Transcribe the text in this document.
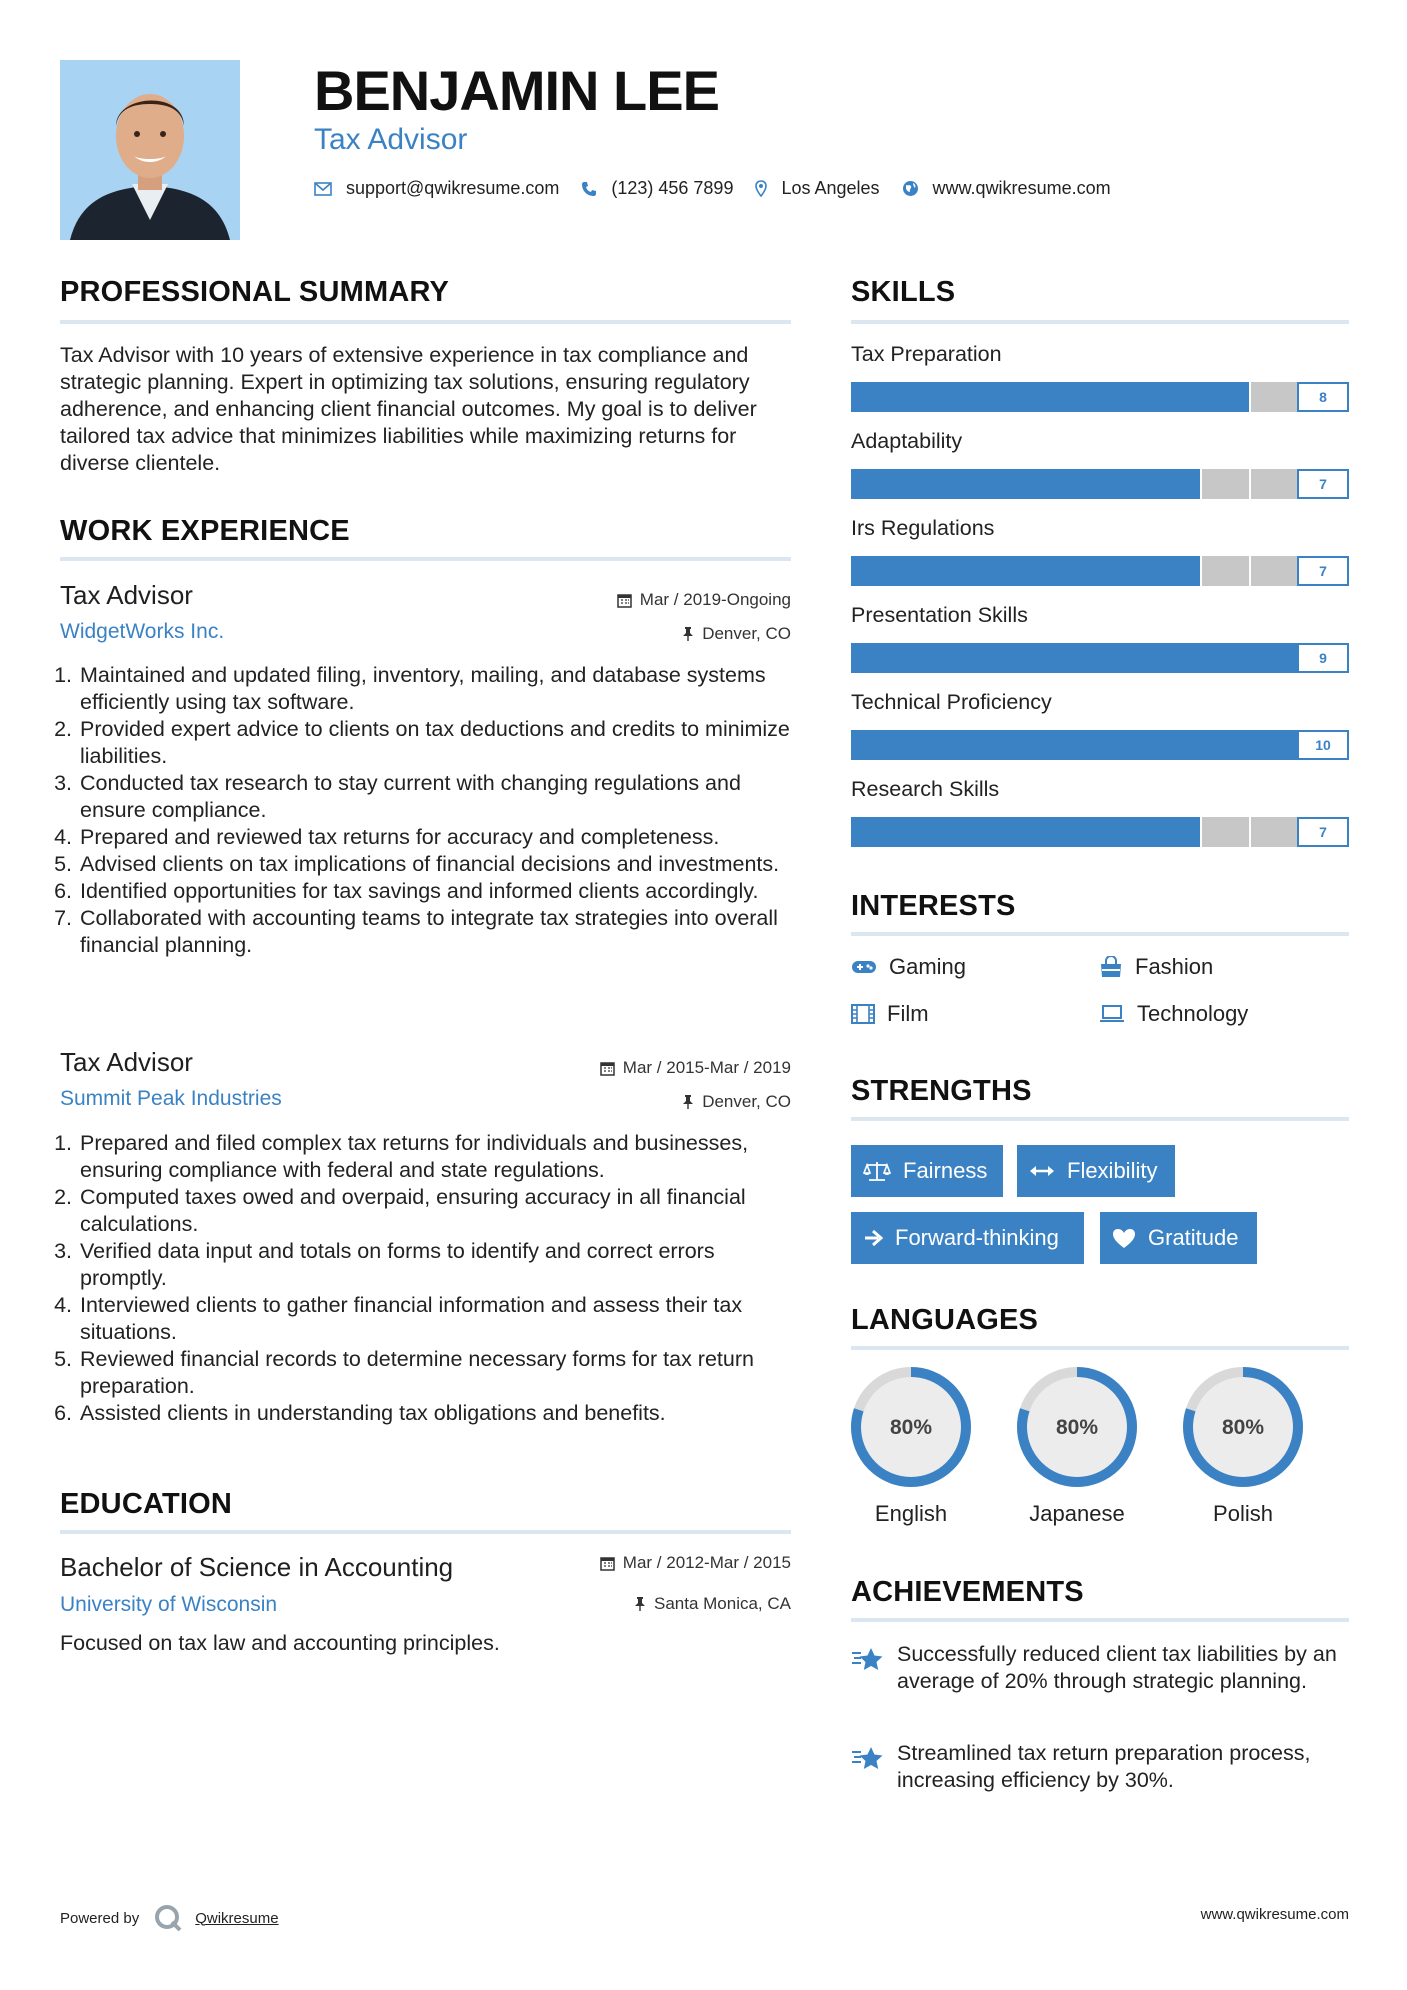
BENJAMIN LEE
Tax Advisor
support@qwikresume.com	(123) 456 7899	Los Angeles	www.qwikresume.com
PROFESSIONAL SUMMARY
Tax Advisor with 10 years of extensive experience in tax compliance and strategic planning. Expert in optimizing tax solutions, ensuring regulatory adherence, and enhancing client financial outcomes. My goal is to deliver tailored tax advice that minimizes liabilities while maximizing returns for diverse clientele.
WORK EXPERIENCE
Tax Advisor
WidgetWorks Inc.
Mar / 2019-Ongoing
Denver, CO
1. Maintained and updated filing, inventory, mailing, and database systems efficiently using tax software.
2. Provided expert advice to clients on tax deductions and credits to minimize liabilities.
3. Conducted tax research to stay current with changing regulations and ensure compliance.
4. Prepared and reviewed tax returns for accuracy and completeness.
5. Advised clients on tax implications of financial decisions and investments.
6. Identified opportunities for tax savings and informed clients accordingly.
7. Collaborated with accounting teams to integrate tax strategies into overall financial planning.
Tax Advisor
Summit Peak Industries
Mar / 2015-Mar / 2019
Denver, CO
1. Prepared and filed complex tax returns for individuals and businesses, ensuring compliance with federal and state regulations.
2. Computed taxes owed and overpaid, ensuring accuracy in all financial calculations.
3. Verified data input and totals on forms to identify and correct errors promptly.
4. Interviewed clients to gather financial information and assess their tax situations.
5. Reviewed financial records to determine necessary forms for tax return preparation.
6. Assisted clients in understanding tax obligations and benefits.
EDUCATION
Bachelor of Science in Accounting
University of Wisconsin
Mar / 2012-Mar / 2015
Santa Monica, CA
Focused on tax law and accounting principles.
SKILLS
Tax Preparation
8
Adaptability
7
Irs Regulations
7
Presentation Skills
9
Technical Proficiency
10
Research Skills
7
INTERESTS
Gaming	Fashion
Film	Technology
STRENGTHS
Fairness	Flexibility
Forward-thinking	Gratitude
LANGUAGES
80%
English
80%
Japanese
80%
Polish
ACHIEVEMENTS
Successfully reduced client tax liabilities by an average of 20% through strategic planning.
Streamlined tax return preparation process, increasing efficiency by 30%.
Powered by	Qwikresume	www.qwikresume.com
